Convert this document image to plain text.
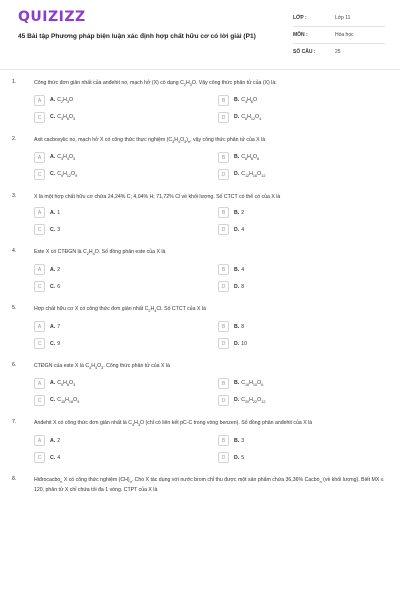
QUIZIZZ
45 Bài tập Phương pháp biện luận xác định hợp chất hữu cơ có lời giải (P1)
LỚP :	Lớp 11
MÔN :	Hóa học
SỐ CÂU :	25
1.	Công thức đơn giản nhất của anđehit no, mạch hở (X) có dạng $C_2H_3O$. Vậy công thức phân tử của (X) là:
A	A. $C_2H_3O$	B	B. $C_4H_6O$
C	C. $C_3H_6O_3$	D	D. $C_6H_{12}O_4$
2.	Axit cacboxylic no, mạch hở X có công thức thực nghiệm $(C_3H_4O_3)_n$, vậy công thức phân tử của X là
A	A. $C_3H_4O_3$	B	B. $C_6H_8O_6$
C	C. $C_9H_{12}O_9$	D	D. $C_{12}H_{16}O_{12}$
3.	X là một hợp chất hữu cơ chứa 24,24% C; 4,04% H; 71,72% Cl về khối lượng. Số CTCT có thể có của X là
A	A. 1	B	B. 2
C	C. 3	D	D. 4
4.	Este X có CTĐGN là $C_2H_4O$. Số đồng phân este của X là
A	A. 2	B	B. 4
C	C. 6	D	D. 8
5.	Hợp chất hữu cơ X có công thức đơn giản nhất $C_2H_4Cl$. Số CTCT của X là
A	A. 7	B	B. 8
C	C. 9	D	D. 10
6.	CTĐGN của este X là $C_4H_4O_3$. Công thức phân tử của X là
A	A. $C_5H_6O_3$	B	B. $C_{10}H_{10}O_6$
C	C. $C_{15}H_{18}O_9$	D	D. $C_{20}H_{22}O_{12}$
7.	Anđehit X có công thức đơn giản nhất là $C_4H_3O$ (chỉ có liên kết pC-C trong vòng benzen). Số đồng phân anđehit của X là
A	A. 2	B	B. 3
C	C. 4	D	D. 5
8.	Hiđrocacbo$_n$ X có công thức nghiệm $(CH)_n$. Cho X tác dụng với nước brom chỉ thu được một sản phẩm chứa 36,36% Cacbo$_n$ (về khối lượng). Biết MX ≤ 120, phân tử X chỉ chứa tối đa 1 vòng. CTPT của X là
